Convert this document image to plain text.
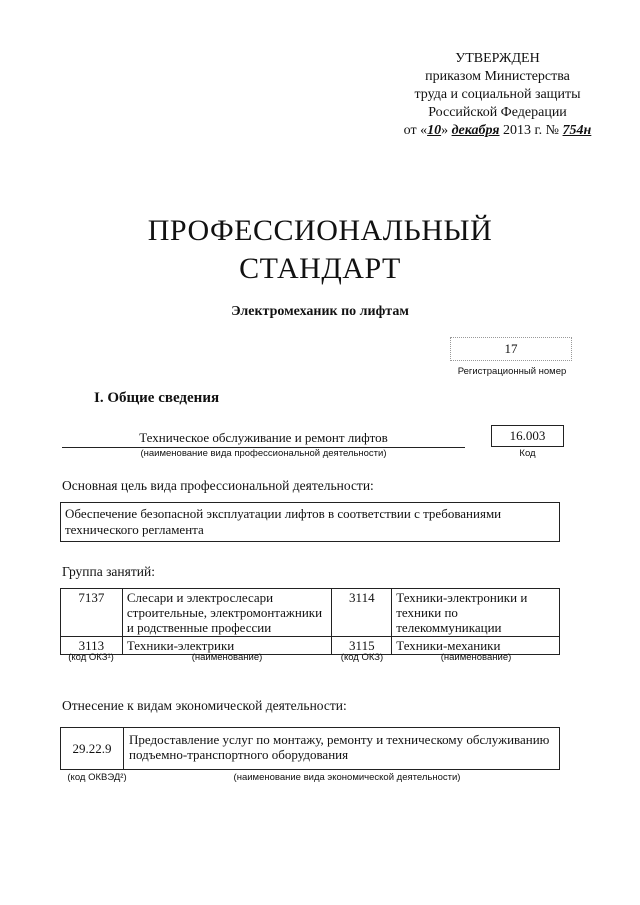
УТВЕРЖДЕН
приказом Министерства
труда и социальной защиты
Российской Федерации
от «10» декабря 2013 г. № 754н
ПРОФЕССИОНАЛЬНЫЙ
СТАНДАРТ
Электромеханик по лифтам
17
Регистрационный номер
I. Общие сведения
Техническое обслуживание и ремонт лифтов
(наименование вида профессиональной деятельности)
16.003
Код
Основная цель вида профессиональной деятельности:
Обеспечение безопасной эксплуатации лифтов в соответствии с требованиями технического регламента
Группа занятий:
7137	Слесари и электрослесари строительные, электромонтажники и родственные профессии	3114	Техники-электроники и техники по телекоммуникации
3113	Техники-электрики	3115	Техники-механики
(код ОКЗ¹)	(наименование)	(код ОКЗ)	(наименование)
Отнесение к видам экономической деятельности:
29.22.9
Предоставление услуг по монтажу, ремонту и техническому обслуживанию подъемно-транспортного оборудования
(код ОКВЭД²)	(наименование вида экономической деятельности)
